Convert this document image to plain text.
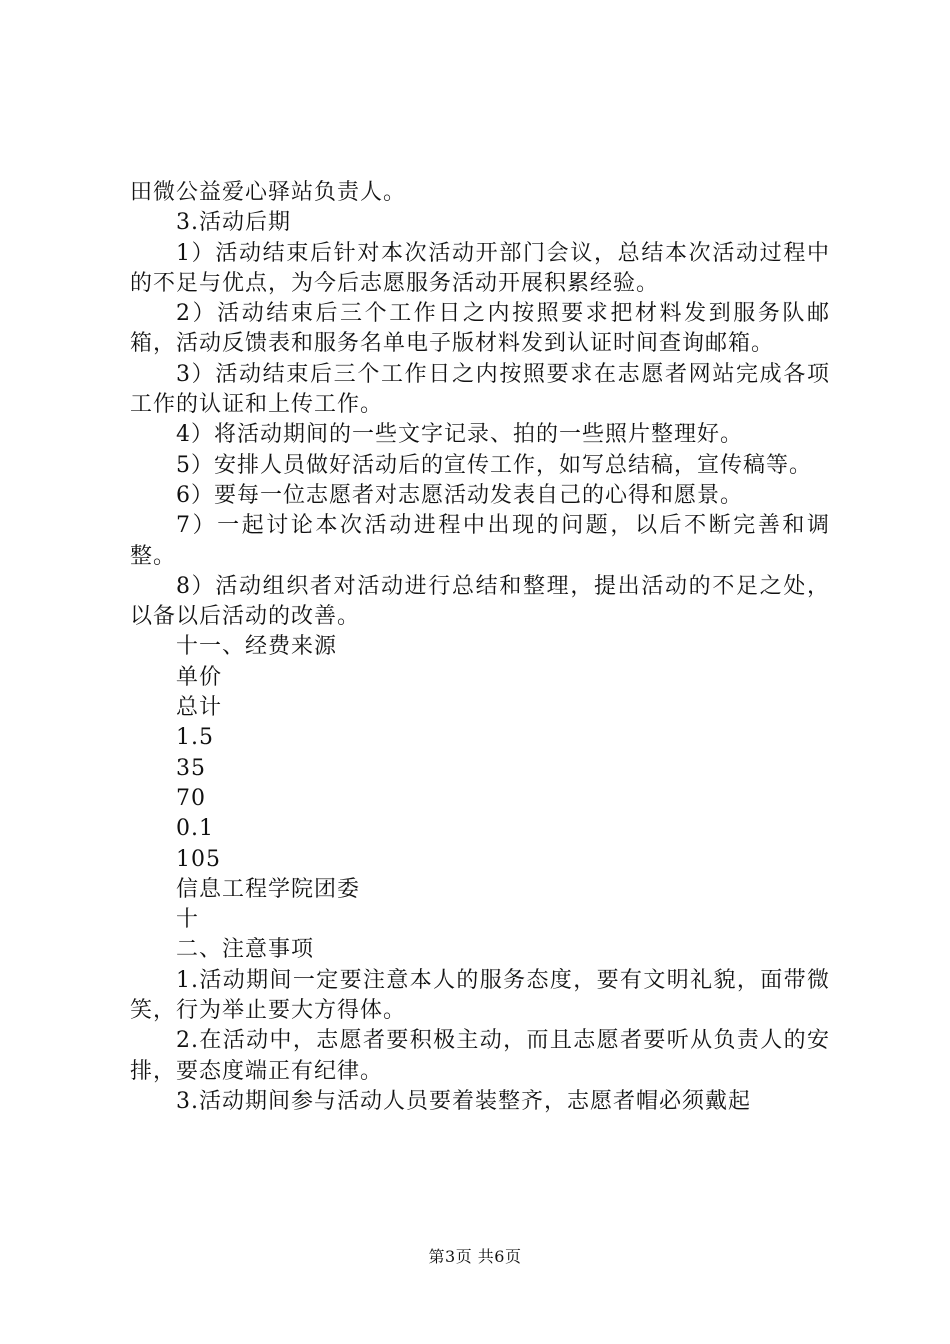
田微公益爱心驿站负责人。

3.活动后期

1）活动结束后针对本次活动开部门会议，总结本次活动过程中的不足与优点，为今后志愿服务活动开展积累经验。

2）活动结束后三个工作日之内按照要求把材料发到服务队邮箱，活动反馈表和服务名单电子版材料发到认证时间查询邮箱。

3）活动结束后三个工作日之内按照要求在志愿者网站完成各项工作的认证和上传工作。

4）将活动期间的一些文字记录、拍的一些照片整理好。

5）安排人员做好活动后的宣传工作，如写总结稿，宣传稿等。

6）要每一位志愿者对志愿活动发表自己的心得和愿景。

7）一起讨论本次活动进程中出现的问题，以后不断完善和调整。

8）活动组织者对活动进行总结和整理，提出活动的不足之处，以备以后活动的改善。

十一、经费来源

单价

总计

1.5

35

70

0.1

105

信息工程学院团委

十

二、注意事项

1.活动期间一定要注意本人的服务态度，要有文明礼貌，面带微笑，行为举止要大方得体。

2.在活动中，志愿者要积极主动，而且志愿者要听从负责人的安排，要态度端正有纪律。

3.活动期间参与活动人员要着装整齐，志愿者帽必须戴起

第3页 共6页
